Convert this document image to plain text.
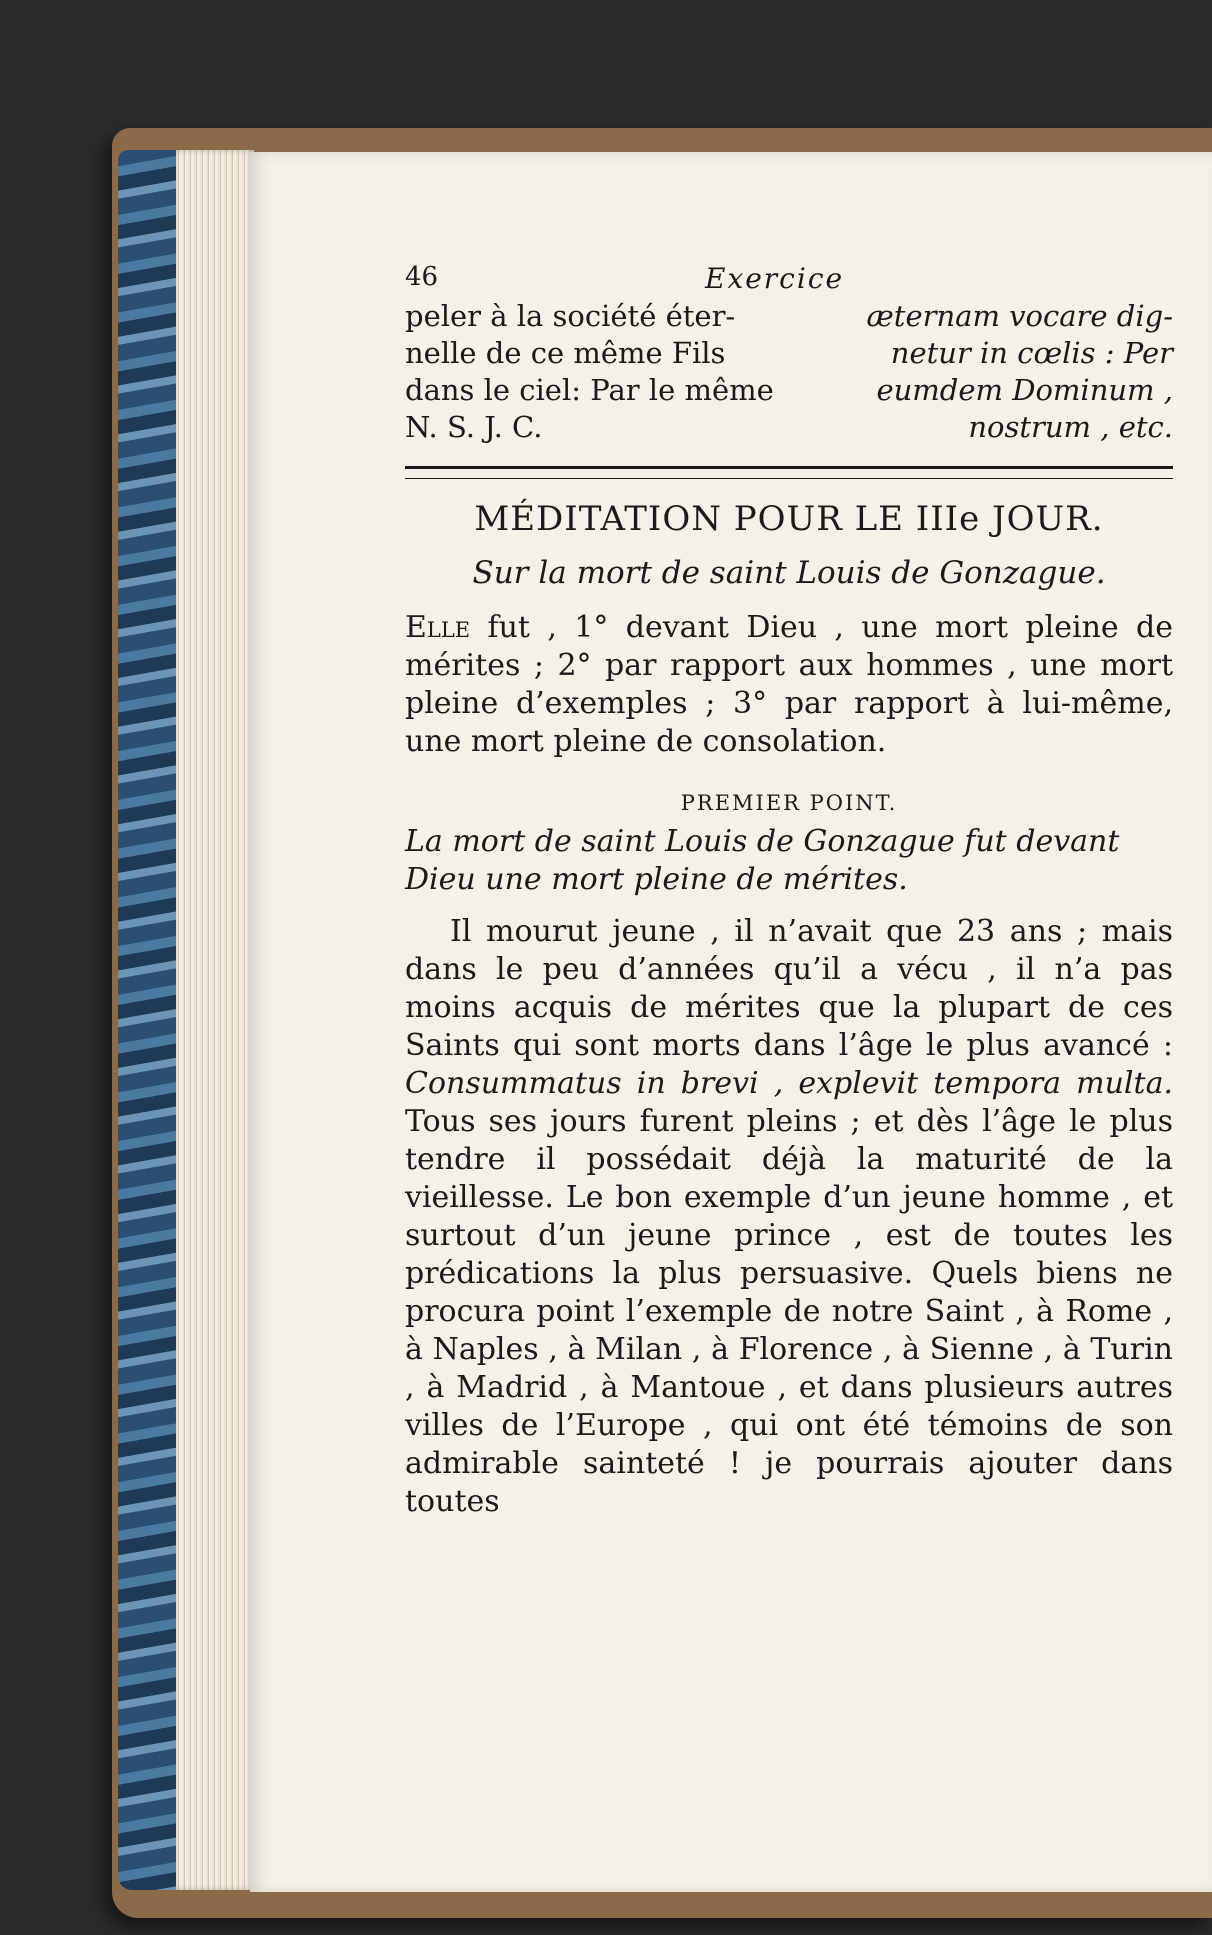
46	Exercice
peler à la société éter-
nelle de ce même Fils
dans le ciel: Par le même
N. S. J. C.
æternam vocare dig-
netur in cœlis : Per
eumdem Dominum ,
nostrum , etc.
MÉDITATION POUR LE IIIe JOUR.
Sur la mort de saint Louis de Gonzague.

Elle fut , 1° devant Dieu , une mort pleine de mérites ; 2° par rapport aux hommes , une mort pleine d’exemples ; 3° par rapport à lui-même, une mort pleine de consolation.

PREMIER POINT.
La mort de saint Louis de Gonzague fut devant Dieu une mort pleine de mérites.

Il mourut jeune , il n’avait que 23 ans ; mais dans le peu d’années qu’il a vécu , il n’a pas moins acquis de mérites que la plupart de ces Saints qui sont morts dans l’âge le plus avancé : Consummatus in brevi , explevit tempora multa. Tous ses jours furent pleins ; et dès l’âge le plus tendre il possédait déjà la maturité de la vieillesse. Le bon exemple d’un jeune homme , et surtout d’un jeune prince , est de toutes les prédications la plus persuasive. Quels biens ne procura point l’exemple de notre Saint , à Rome , à Naples , à Milan , à Florence , à Sienne , à Turin , à Madrid , à Mantoue , et dans plusieurs autres villes de l’Europe , qui ont été témoins de son admirable sainteté ! je pourrais ajouter dans toutes
